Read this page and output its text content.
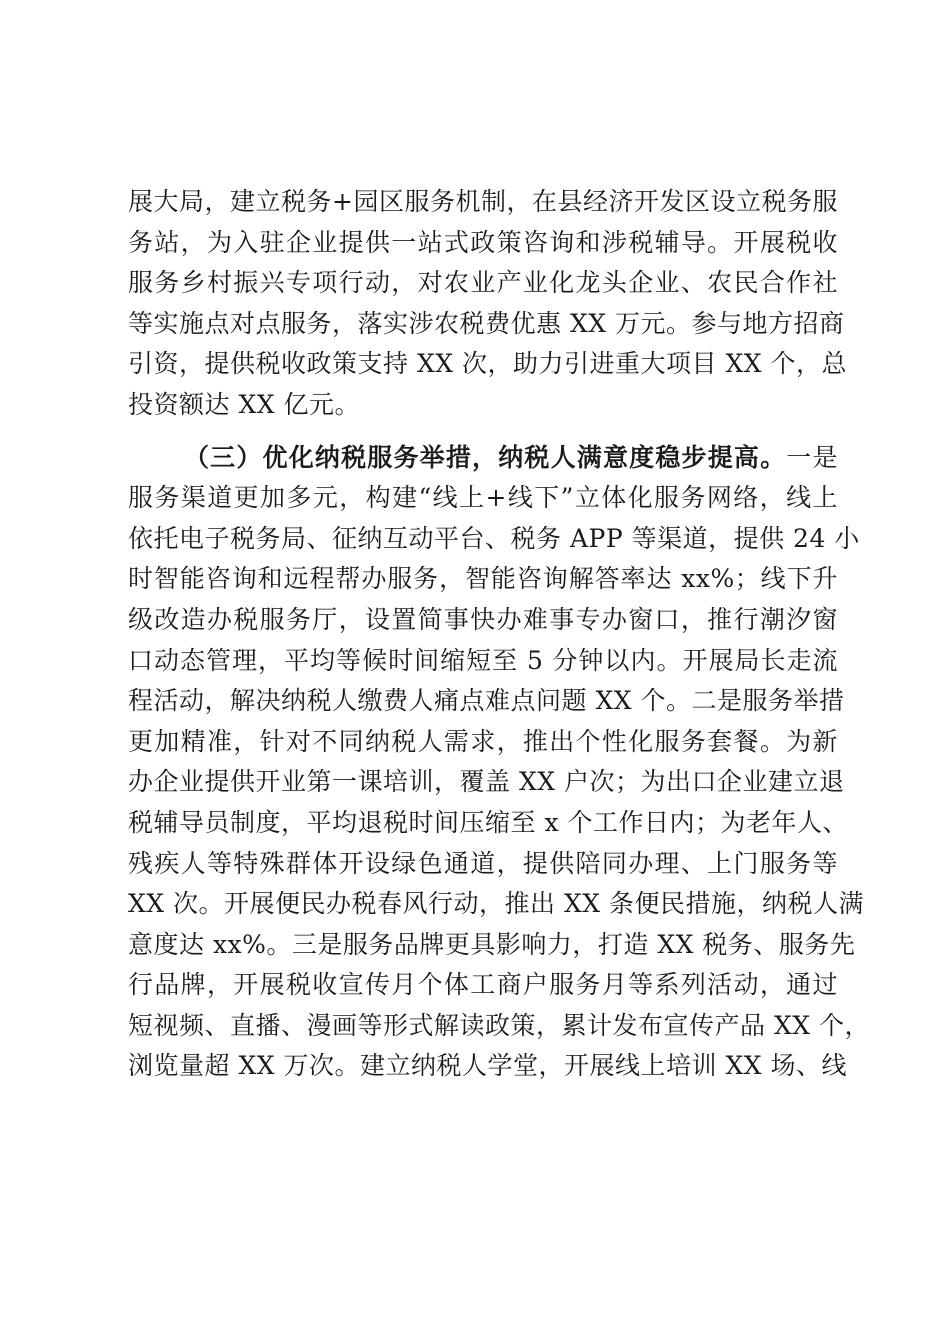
展大局，建立税务+园区服务机制，在县经济开发区设立税务服
务站，为入驻企业提供一站式政策咨询和涉税辅导。开展税收
服务乡村振兴专项行动，对农业产业化龙头企业、农民合作社
等实施点对点服务，落实涉农税费优惠 XX 万元。参与地方招商
引资，提供税收政策支持 XX 次，助力引进重大项目 XX 个，总
投资额达 XX 亿元。
（三）优化纳税服务举措，纳税人满意度稳步提高。一是
服务渠道更加多元，构建“线上+线下”立体化服务网络，线上
依托电子税务局、征纳互动平台、税务 APP 等渠道，提供 24 小
时智能咨询和远程帮办服务，智能咨询解答率达 xx%；线下升
级改造办税服务厅，设置简事快办难事专办窗口，推行潮汐窗
口动态管理，平均等候时间缩短至 5 分钟以内。开展局长走流
程活动，解决纳税人缴费人痛点难点问题 XX 个。二是服务举措
更加精准，针对不同纳税人需求，推出个性化服务套餐。为新
办企业提供开业第一课培训，覆盖 XX 户次；为出口企业建立退
税辅导员制度，平均退税时间压缩至 x 个工作日内；为老年人、
残疾人等特殊群体开设绿色通道，提供陪同办理、上门服务等
XX 次。开展便民办税春风行动，推出 XX 条便民措施，纳税人满
意度达 xx%。三是服务品牌更具影响力，打造 XX 税务、服务先
行品牌，开展税收宣传月个体工商户服务月等系列活动，通过
短视频、直播、漫画等形式解读政策，累计发布宣传产品 XX 个，
浏览量超 XX 万次。建立纳税人学堂，开展线上培训 XX 场、线
